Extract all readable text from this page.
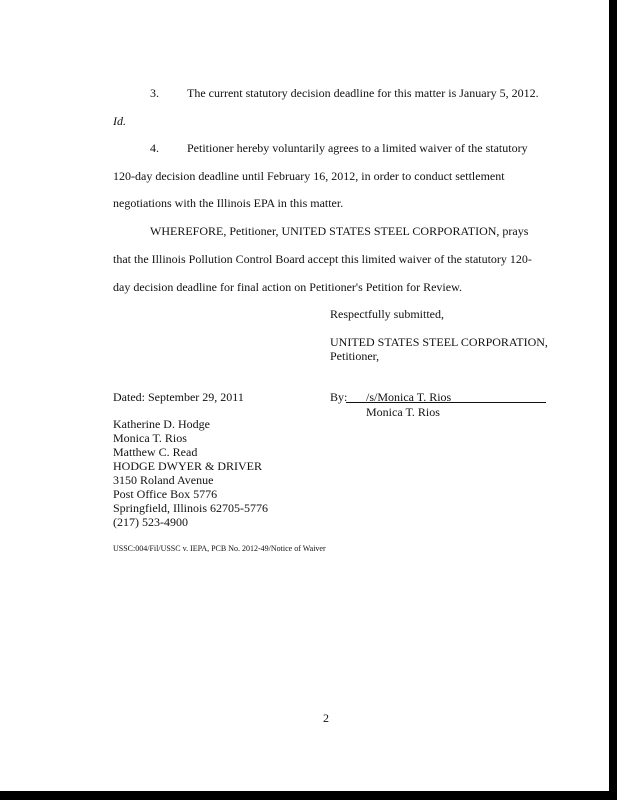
3. The current statutory decision deadline for this matter is January 5, 2012.
Id.
4. Petitioner hereby voluntarily agrees to a limited waiver of the statutory
120-day decision deadline until February 16, 2012, in order to conduct settlement
negotiations with the Illinois EPA in this matter.
WHEREFORE, Petitioner, UNITED STATES STEEL CORPORATION, prays
that the Illinois Pollution Control Board accept this limited waiver of the statutory 120-
day decision deadline for final action on Petitioner's Petition for Review.
Respectfully submitted,
UNITED STATES STEEL CORPORATION,
Petitioner,
Dated: September 29, 2011	By: /s/Monica T. Rios
Monica T. Rios
Katherine D. Hodge
Monica T. Rios
Matthew C. Read
HODGE DWYER & DRIVER
3150 Roland Avenue
Post Office Box 5776
Springfield, Illinois 62705-5776
(217) 523-4900
USSC:004/Fil/USSC v. IEPA, PCB No. 2012-49/Notice of Waiver
2
